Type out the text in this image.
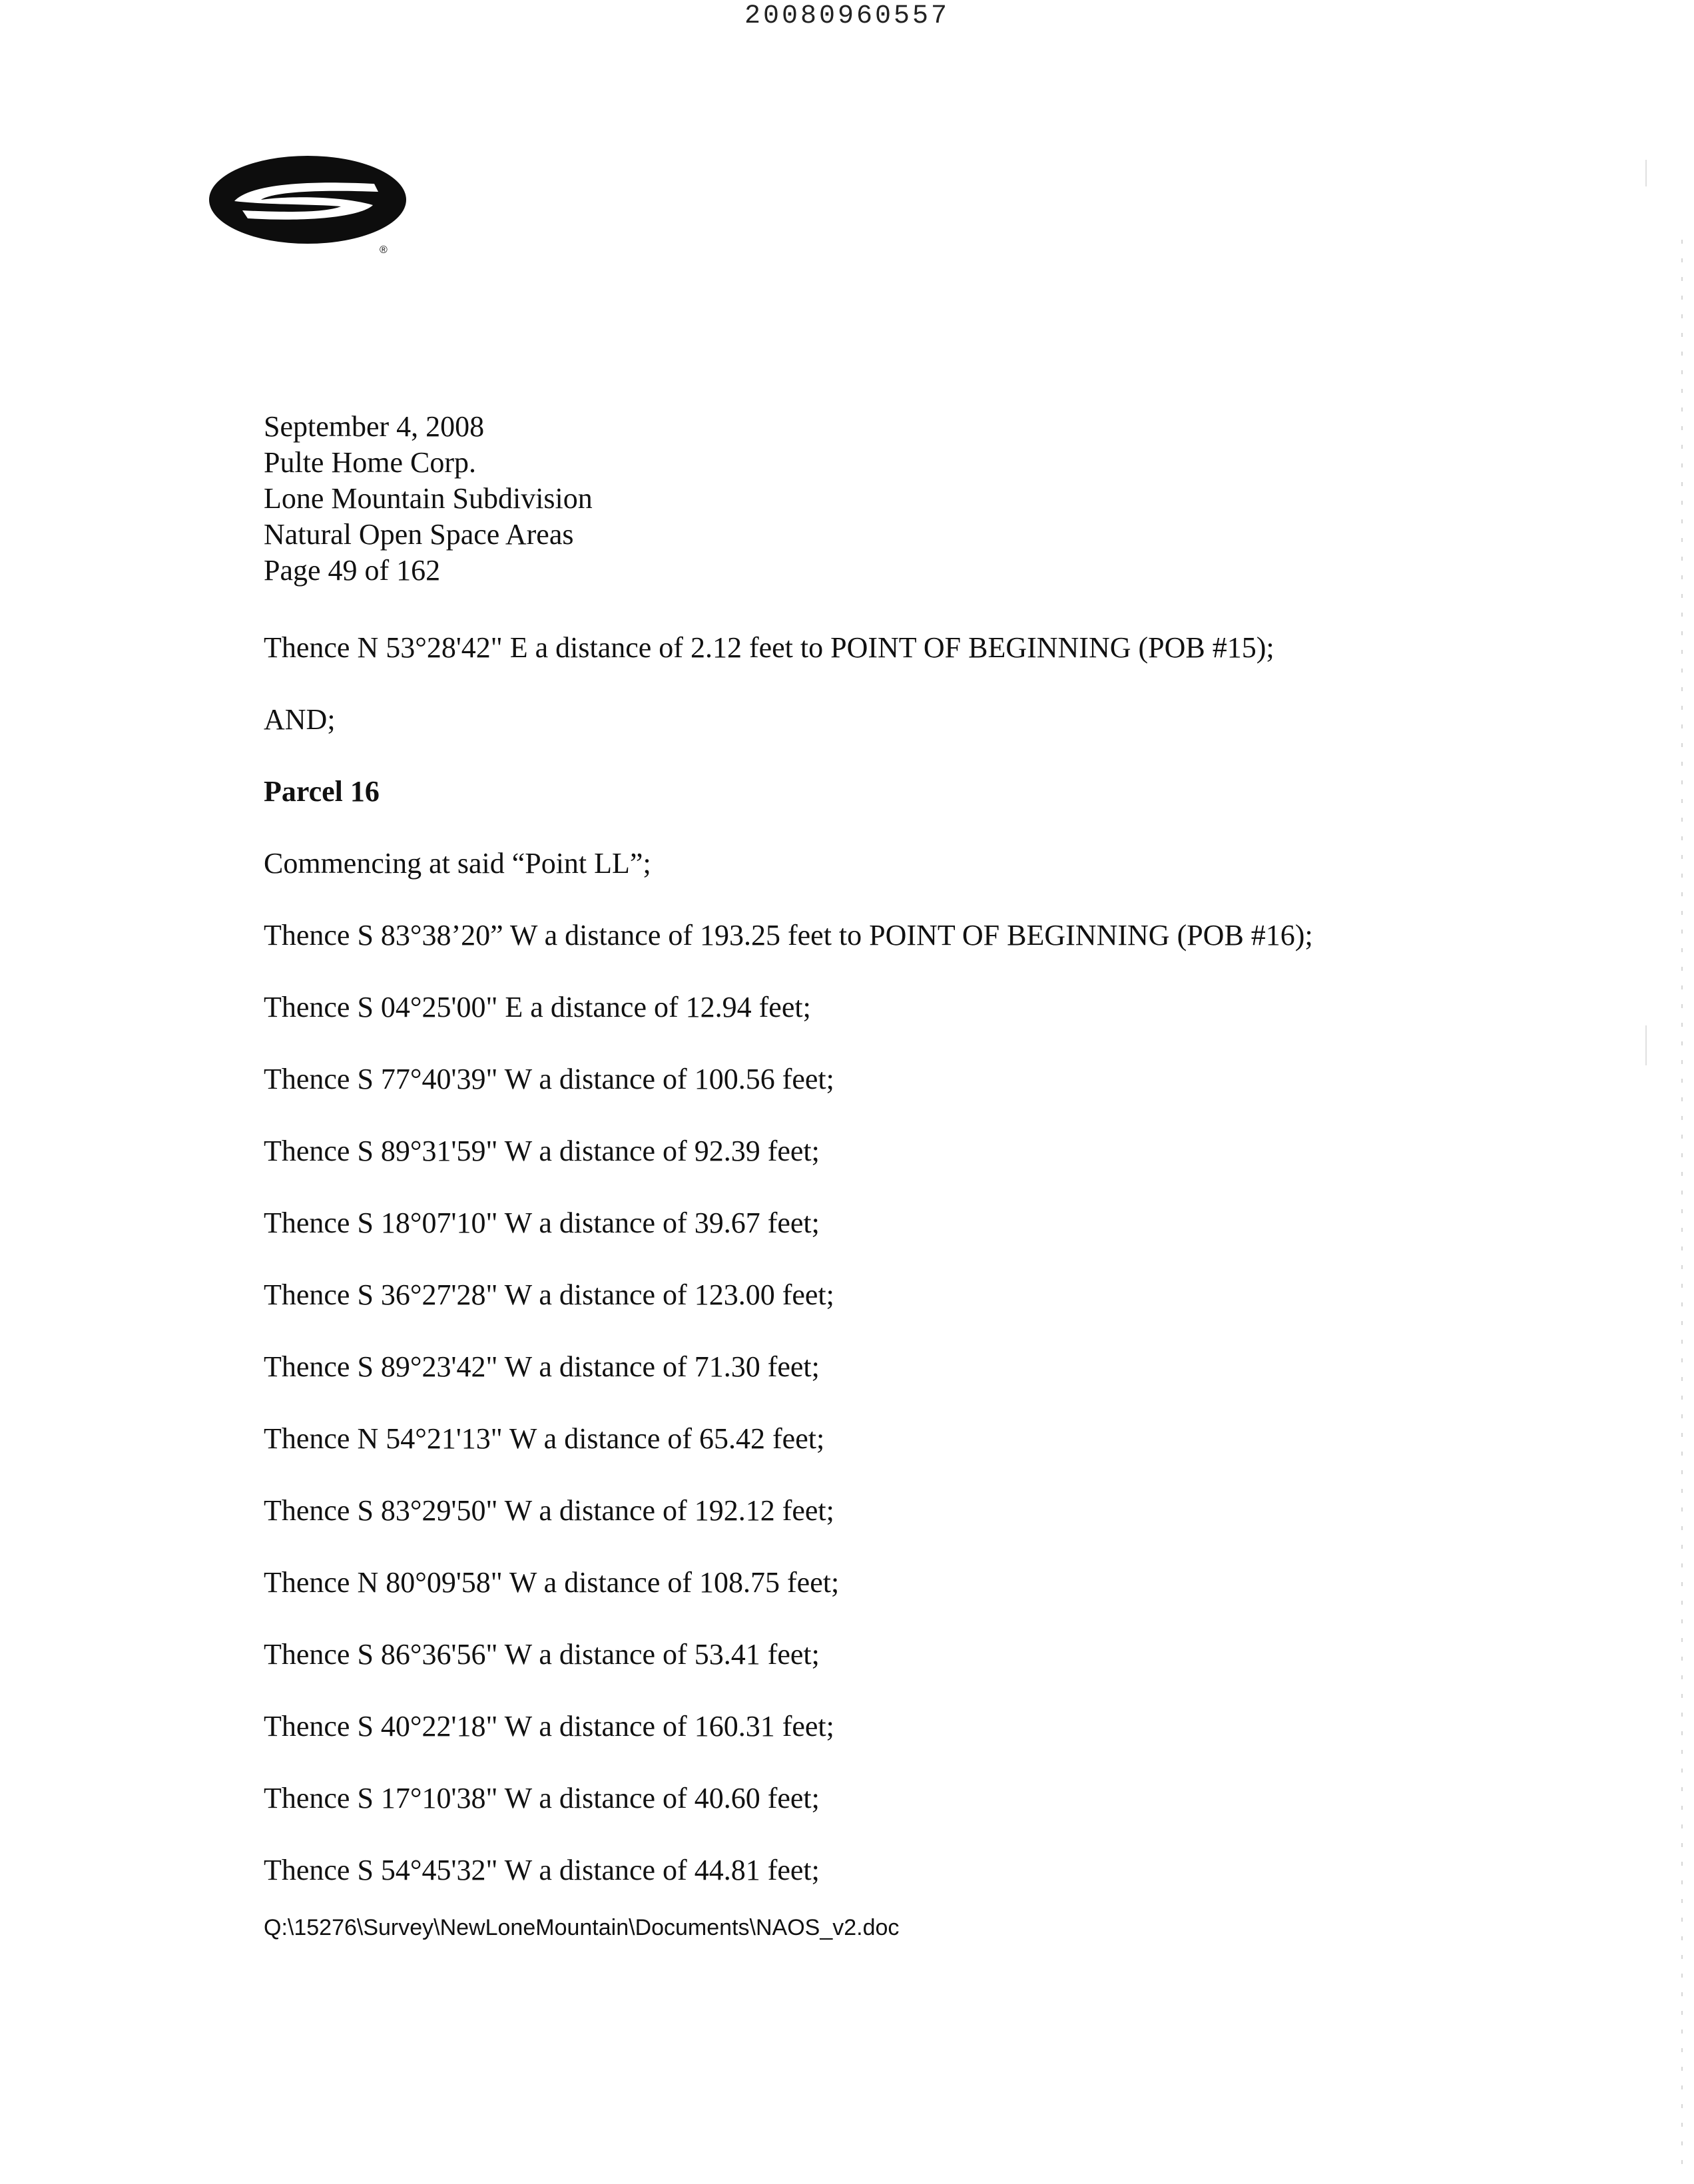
20080960557
®
September 4, 2008
Pulte Home Corp.
Lone Mountain Subdivision
Natural Open Space Areas
Page 49 of 162

Thence N 53°28'42" E a distance of 2.12 feet to POINT OF BEGINNING (POB #15);

AND;

Parcel 16

Commencing at said “Point LL”;

Thence S 83°38’20” W a distance of 193.25 feet to POINT OF BEGINNING (POB #16);

Thence S 04°25'00" E a distance of 12.94 feet;

Thence S 77°40'39" W a distance of 100.56 feet;

Thence S 89°31'59" W a distance of 92.39 feet;

Thence S 18°07'10" W a distance of 39.67 feet;

Thence S 36°27'28" W a distance of 123.00 feet;

Thence S 89°23'42" W a distance of 71.30 feet;

Thence N 54°21'13" W a distance of 65.42 feet;

Thence S 83°29'50" W a distance of 192.12 feet;

Thence N 80°09'58" W a distance of 108.75 feet;

Thence S 86°36'56" W a distance of 53.41 feet;

Thence S 40°22'18" W a distance of 160.31 feet;

Thence S 17°10'38" W a distance of 40.60 feet;

Thence S 54°45'32" W a distance of 44.81 feet;

Q:\15276\Survey\NewLoneMountain\Documents\NAOS_v2.doc
